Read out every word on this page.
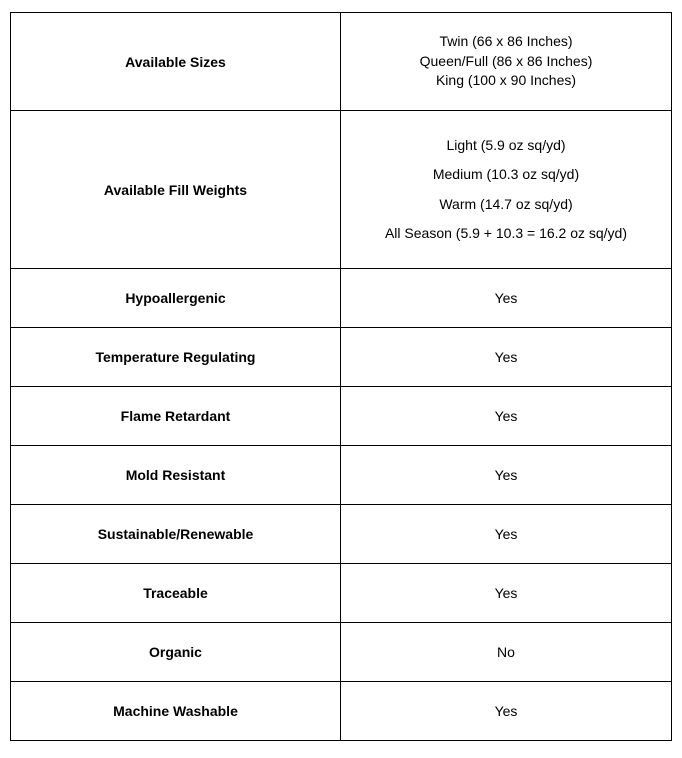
Available Sizes	Twin (66 x 86 Inches)
Queen/Full (86 x 86 Inches)
King (100 x 90 Inches)

Available Fill Weights	Light (5.9 oz sq/yd)
Medium (10.3 oz sq/yd)
Warm (14.7 oz sq/yd)
All Season (5.9 + 10.3 = 16.2 oz sq/yd)

Hypoallergenic	Yes
Temperature Regulating	Yes
Flame Retardant	Yes
Mold Resistant	Yes
Sustainable/Renewable	Yes
Traceable	Yes
Organic	No
Machine Washable	Yes
